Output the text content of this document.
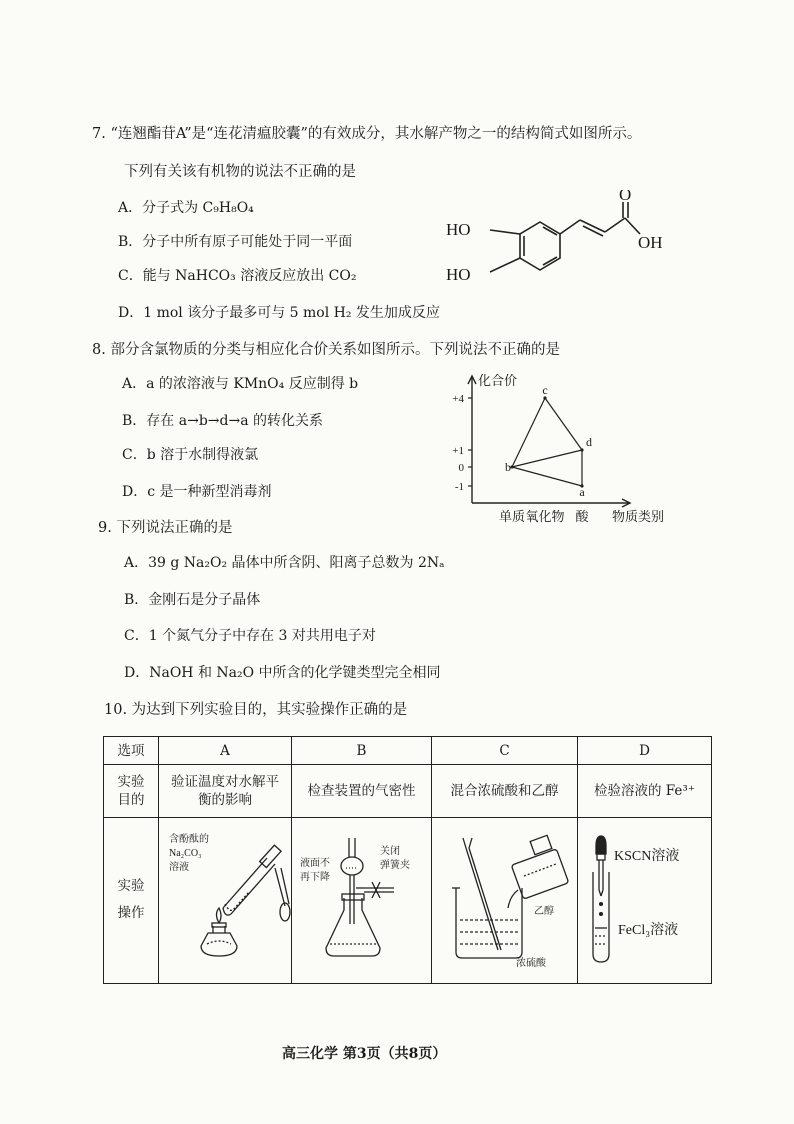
7. “连翘酯苷A”是“连花清瘟胶囊”的有效成分，其水解产物之一的结构简式如图所示。
下列有关该有机物的说法不正确的是
A．分子式为 C₉H₈O₄
B．分子中所有原子可能处于同一平面
C．能与 NaHCO₃ 溶液反应放出 CO₂
D．1 mol 该分子最多可与 5 mol H₂ 发生加成反应
HO
HO
O
OH
8. 部分含氯物质的分类与相应化合价关系如图所示。下列说法不正确的是
A．a 的浓溶液与 KMnO₄ 反应制得 b
B．存在 a→b→d→a 的转化关系
C．b 溶于水制得液氯
D．c 是一种新型消毒剂
+4
+1
0
-1	a
b
c
d
化合价
单质 氧化物 酸 物质类别
9. 下列说法正确的是
A．39 g Na₂O₂ 晶体中所含阴、阳离子总数为 2Nₐ
B．金刚石是分子晶体
C．1 个氮气分子中存在 3 对共用电子对
D．NaOH 和 Na₂O 中所含的化学键类型完全相同
10. 为达到下列实验目的，其实验操作正确的是
选项	A	B	C	D
实验目的	验证温度对水解平衡的影响	检查装置的气密性	混合浓硫酸和乙醇	检验溶液的 Fe³⁺
实验操作	含酚酞的
Na₂CO₃
溶液	液面不
再下降
关闭
弹簧夹	乙醇
浓硫酸	KSCN溶液
FeCl₃溶液
高三化学 第3页（共8页）
